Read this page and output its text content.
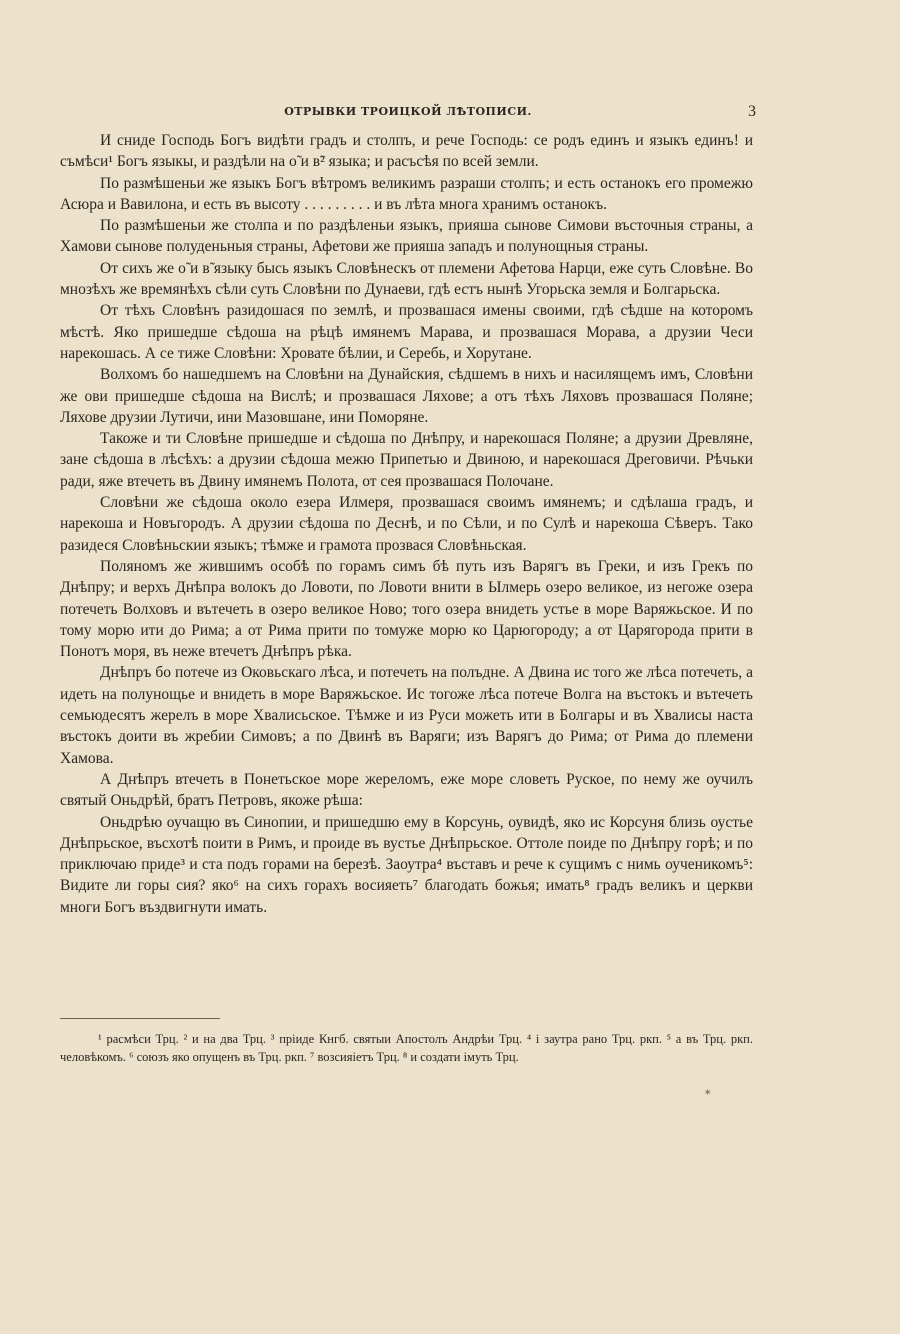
ОТРЫВКИ ТРОИЦКОЙ ЛѢТОПИСИ.	3

И сниде Господь Богъ видѣти градъ и столпъ, и рече Господь: се родъ единъ и языкъ единъ! и съмѣси¹ Богъ языкы, и раздѣли на о̃ и в̃² языка; и расъсѣя по всей земли.

По размѣшеньи же языкъ Богъ вѣтромъ великимъ разраши столпъ; и есть останокъ его промежю Асюра и Вавилона, и есть въ высоту . . . . . . . . . и въ лѣта многа хранимъ останокъ.

По размѣшеньи же столпа и по раздѣленьи языкъ, прияша сынове Симови въсточныя страны, а Хамови сынове полуденьныя страны, Афетови же прияша западъ и полунощныя страны.

От сихъ же о̃ и в̃ языку бысь языкъ Словѣнескъ от племени Афетова Нарци, еже суть Словѣне. Во мнозѣхъ же времянѣхъ сѣли суть Словѣни по Дунаеви, гдѣ естъ нынѣ Угорьска земля и Болгарьска.

От тѣхъ Словѣнъ разидошася по землѣ, и прозвашася имены своими, гдѣ сѣдше на которомъ мѣстѣ. Яко пришедше сѣдоша на рѣцѣ имянемъ Марава, и прозвашася Морава, а друзии Чеси нарекошась. А се тиже Словѣни: Хровате бѣлии, и Серебь, и Хорутане.

Волхомъ бо нашедшемъ на Словѣни на Дунайския, сѣдшемъ в нихъ и насилящемъ имъ, Словѣни же ови пришедше сѣдоша на Вислѣ; и прозвашася Ляхове; а отъ тѣхъ Ляховъ прозвашася Поляне; Ляхове друзии Лутичи, ини Мазовшане, ини Поморяне.

Такоже и ти Словѣне пришедше и сѣдоша по Днѣпру, и нарекошася Поляне; а друзии Древляне, зане сѣдоша в лѣсѣхъ: а друзии сѣдоша межю Припетью и Двиною, и нарекошася Дреговичи. Рѣчьки ради, яже втечеть въ Двину имянемъ Полота, от сея прозвашася Полочане.

Словѣни же сѣдоша около езера Илмеря, прозвашася своимъ имянемъ; и сдѣлаша градъ, и нарекоша и Новъгородъ. А друзии сѣдоша по Деснѣ, и по Сѣли, и по Сулѣ и нарекоша Сѣверъ. Тако разидеся Словѣньскии языкъ; тѣмже и грамота прозвася Словѣньская.

Поляномъ же жившимъ особѣ по горамъ симъ бѣ путь изъ Варягъ въ Греки, и изъ Грекъ по Днѣпру; и верхъ Днѣпра волокъ до Ловоти, по Ловоти внити в Ылмерь озеро великое, из негоже озера потечеть Волховъ и вътечеть в озеро великое Ново; того озера внидеть устье в море Варяжьское. И по тому морю ити до Рима; а от Рима прити по томуже морю ко Царюгороду; а от Царягорода прити в Понотъ моря, въ неже втечетъ Днѣпръ рѣка.

Днѣпръ бо потече из Оковьскаго лѣса, и потечеть на полъдне. А Двина ис того же лѣса потечеть, а идеть на полунощье и внидеть в море Варяжьское. Ис тогоже лѣса потече Волга на въстокъ и вътечеть семьюдесятъ жерелъ в море Хвалисьское. Тѣмже и из Руси можеть ити в Болгары и въ Хвалисы наста въстокъ доити въ жребии Симовъ; а по Двинѣ въ Варяги; изъ Варягъ до Рима; от Рима до племени Хамова.

А Днѣпръ втечеть в Понетьское море жереломъ, еже море словеть Руское, по нему же оучилъ святый Оньдрѣй, братъ Петровъ, якоже рѣша:

Оньдрѣю оучащю въ Синопии, и пришедшю ему в Корсунь, оувидѣ, яко ис Корсуня близь оустье Днѣпрьское, въсхотѣ поити в Римъ, и проиде въ вустье Днѣпрьское. Оттоле поиде по Днѣпру горѣ; и по приключаю приде³ и ста подъ горами на березѣ. Заоутра⁴ въставъ и рече к сущимъ с нимь оученикомъ⁵: Видите ли горы сия? яко⁶ на сихъ горахъ восияеть⁷ благодать божья; имать⁸ градъ великъ и церкви многи Богъ въздвигнути имать.

¹ расмѣси Трц. ² и на два Трц. ³ прiиде Кнгб. святыи Апостолъ Андрѣи Трц. ⁴ i заутра рано Трц. ркп. ⁵ а въ Трц. ркп. человѣкомъ. ⁶ союзъ яко опущенъ въ Трц. ркп. ⁷ возсияiетъ Трц. ⁸ и создати iмуть Трц.
*
